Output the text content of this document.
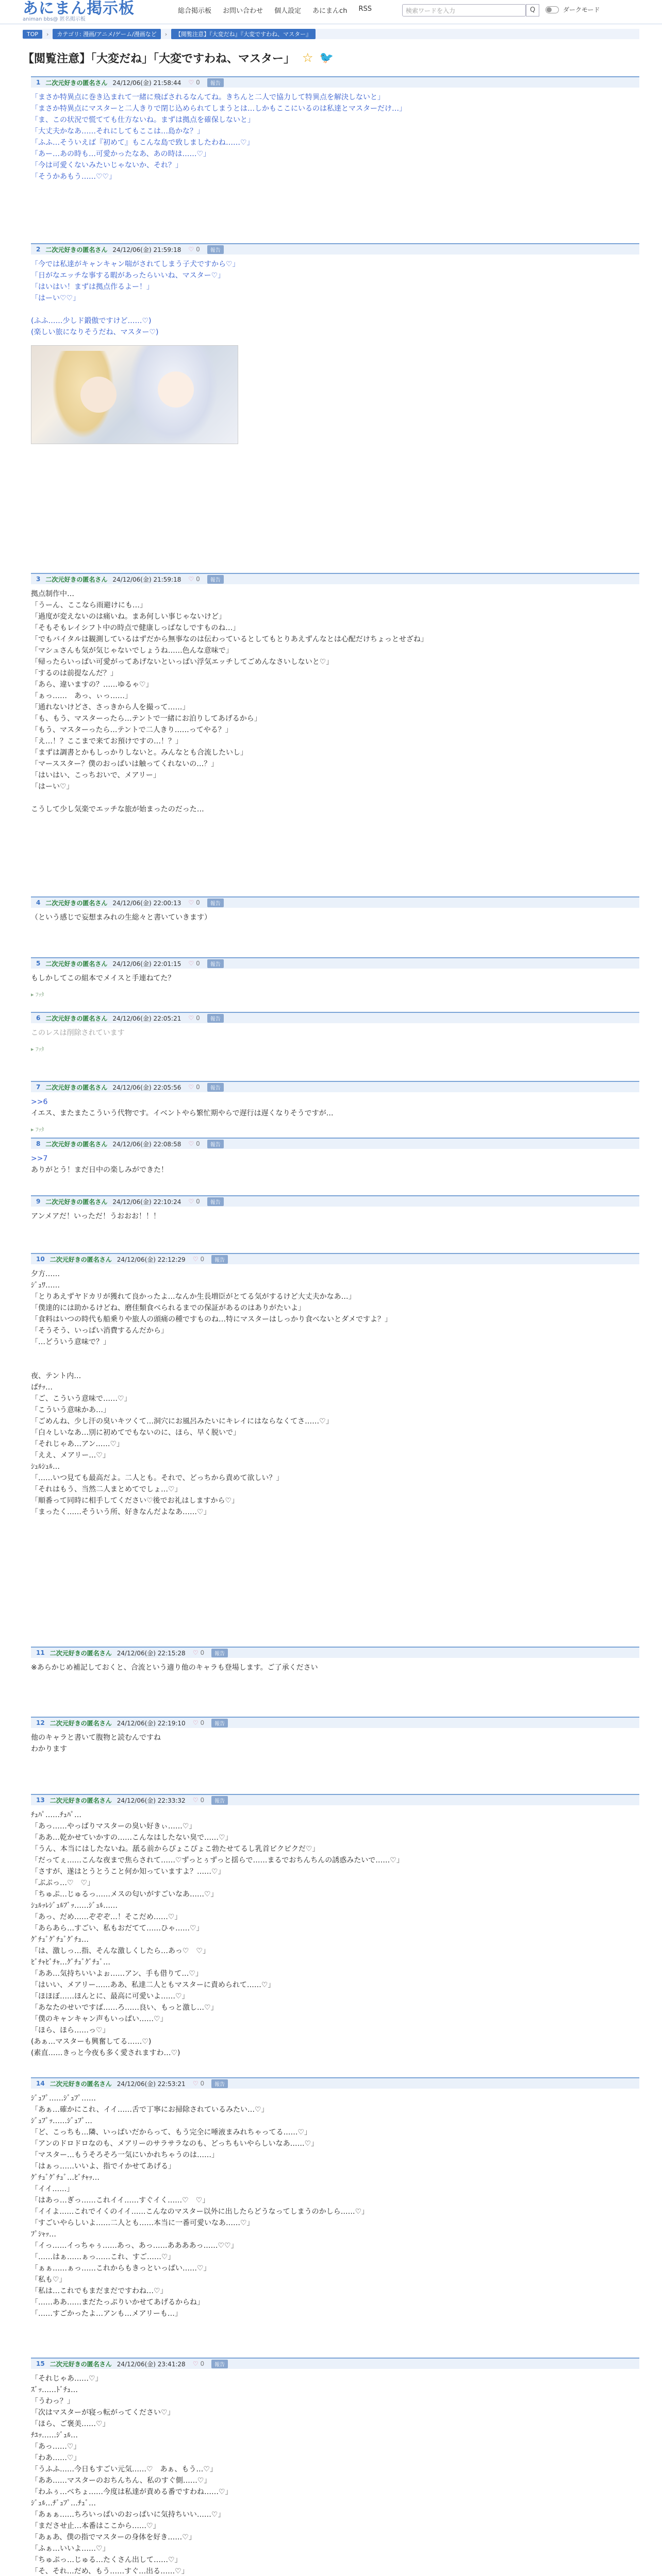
あにまん掲示板
animan bbs@ 匿名掲示板
総合掲示板 お問い合わせ 個人設定 あにまんch RSS	検索ワードを入力	Q	ダークモード
TOP	›	カテゴリ: 漫画/アニメ/ゲーム/漫画など	›	【閲覧注意】『大変だね』『大変ですわね、マスター』
【閲覧注意】「大変だね」「大変ですわね、マスター」 ☆ 🐦
1 二次元好きの匿名さん 24/12/06(金) 21:58:44 ♡ 0	報告
「まさか特異点に巻き込まれて一緒に飛ばされるなんてね。きちんと二人で協力して特異点を解決しないと」
「まさか特異点にマスターと二人きりで閉じ込められてしまうとは…しかもここにいるのは私達とマスターだけ…」
「ま、この状況で慌てても仕方ないね。まずは拠点を確保しないと」
「大丈夫かなあ……それにしてもここは…島かな？」
「ふふ…そういえば『初めて』もこんな島で致しましたわね……♡」
「あー…あの時も…可愛かったなあ、あの時は……♡」
「今は可愛くないみたいじゃないか、それ？」
「そうかあもう……♡♡」
2 二次元好きの匿名さん 24/12/06(金) 21:59:18 ♡ 0	報告
「今では私達がキャンキャン喘がされてしまう子犬ですから♡」
「日がなエッチな事する暇があったらいいね、マスター♡」
「はいはい！まずは拠点作るよー！」
「はーい♡♡」

(ふふ……少しド鍛傲ですけど……♡)
(楽しい旅になりそうだね、マスター♡)
3 二次元好きの匿名さん 24/12/06(金) 21:59:18 ♡ 0	報告
拠点制作中…
「うーん、ここなら雨避けにも…」
「過度が変えないのは痛いね。まあ何しい事じゃないけど」
「そもそもレイシフト中の時点で健康しっぱなしですものね…」
「でもバイタルは観測しているはずだから無事なのは伝わっているとしてもとりあえずんなとは心配だけちょっとせざね」
「マシュさんも気が気じゃないでしょうね……色んな意味で」
「帰ったらいっぱい可愛がってあげないといっぱい浮気エッチしてごめんなさいしないと♡」
「するのは前提なんだ？」
「あら、違いますの？……ゆるゃ♡」
「ぁっ……　あっ、ぃっ……」
「通れないけどさ、さっきから人を撮って……」
「も、もう、マスターったら…テントで一緒にお泊りしてあげるから」
「もう、マスターったら…テントで二人きり……ってやる？」
「え…！？ここまで来てお預けですの…！？」
「まずは調書とかもしっかりしないと。みんなとも合流したいし」
「マーススター？僕のおっぱいは触ってくれないの…？」
「はいはい、こっちおいで、メアリー」
「はーい♡」

こうして少し気楽でエッチな旅が始まったのだった…
4 二次元好きの匿名さん 24/12/06(金) 22:00:13 ♡ 0	報告
（という感じで妄想まみれの生総々と書いていきます）
5 二次元好きの匿名さん 24/12/06(金) 22:01:15 ♡ 0	報告
もしかしてこの組本でメイスと手連ねてた？
▸ ﾌｯﾀ
6 二次元好きの匿名さん 24/12/06(金) 22:05:21 ♡ 0	報告
このレスは削除されています
▸ ﾌｯﾀ
7 二次元好きの匿名さん 24/12/06(金) 22:05:56 ♡ 0	報告
>>6
イエス、またまたこういう代物です。イベントやら繁忙期やらで遅行は遅くなりそうですが…
▸ ﾌｯﾀ
8 二次元好きの匿名さん 24/12/06(金) 22:08:58 ♡ 0	報告
>>7
ありがとう！まだ日中の楽しみができた！
9 二次元好きの匿名さん 24/12/06(金) 22:10:24 ♡ 0	報告
アンメアだ！いっただ！うおおお！！！
10 二次元好きの匿名さん 24/12/06(金) 22:12:29 ♡ 0	報告
夕方……
ｼﾞｭﾜ……
「とりあえずヤドカリが獲れて良かったよ…なんか生長増臣がとてる気がするけど大丈夫かなあ…」
「僕達的には助かるけどね、磨佳類食べられるまでの保証があるのはありがたいよ」
「食料はいつの時代も船乗りや旅人の頭痛の種ですものね…特にマスターはしっかり食べないとダメですよ？」
「そうそう、いっぱい消費するんだから」
「…どういう意味で？」

夜、テント内…
ぱﾁｯ…
「ご、こういう意味で……♡」
「こういう意味かあ…」
「ごめんね、少し汗の臭いキツくて…洞穴にお風呂みたいにキレイにはならなくてさ……♡」
「白々しいなあ…別に初めてでもないのに、ほら、早く脱いで」
「それじゃあ…アン……♡」
「ええ、メアリー…♡」
ｼｭﾙｼｭﾙ…
「……いつ見ても最高だよ。二人とも。それで、どっちから責めて欲しい？」
「それはもう、当然二人まとめてでしょ…♡」
「順番って同時に相手してください♡後でお礼はしますから♡」
「まったく……そういう所、好きなんだよなあ……♡」
11 二次元好きの匿名さん 24/12/06(金) 22:15:28 ♡ 0	報告
※あらかじめ補記しておくと、合流という適り他のキャラも登場します。ご了承ください
12 二次元好きの匿名さん 24/12/06(金) 22:19:10 ♡ 0	報告
他のキャラと書いて腹物と読むんですね
わかります
13 二次元好きの匿名さん 24/12/06(金) 22:33:32 ♡ 0	報告
ﾁｭﾊﾟ……ﾁｭﾊﾟ…
「あっ……やっぱりマスターの臭い好きぃ……♡」
「ああ…乾かせていかすの……こんなはしたない臭で……♡」
「うん、本当にはしたないね。舐る前からぴょこぴょこ勃たせてるし乳首ピクピクだ♡」
「だってぇ……こんな夜まで焦らされて……♡ずっとぅずっと揺らで……まるでおちんちんの誘惑みたいで……♡」
「さすが、遂はとうとうこと何か知っていますよ？……♡」
「ぶぷっ…♡　♡」
「ちゅぷ…じゅるっ……メスの匂いがすごいなあ……♡」
ｼｭﾙｯﾚｼﾞｭﾙﾌﾞｯ……ｼﾞｭﾙ……
「あっ、だめ……ぞぞぞ…！そこだめ……♡」
「あらあら…すごい、私もおだてて……ひゃ……♡」
ｸﾞﾁｭﾞｸﾞﾁｭﾞｸﾞﾁｭ…
「は、激しっ…指、そんな激しくしたら…あっ♡　♡」
ﾋﾞﾁｬﾋﾞﾁｬ…ｸﾞﾁｭﾞｸﾞﾁｭﾞ…
「ああ…気持ちいいよぉ……アン、手も借りて…♡」
「はいい、メアリー……ああ、私達二人ともマスターに責められて……♡」
「ほほぼ……ほんとに、最高に可愛いよ……♡」
「あなたのせいですぱ……ろ……良い、もっと激し…♡」
「僕のキャンキャン声もいっぱい……♡」
「ほら、ほら……っ♡」
(あぁ…マスターも興奮してる……♡)
(素直……きっと今夜も多く愛されますわ…♡)
14 二次元好きの匿名さん 24/12/06(金) 22:53:21 ♡ 0	報告
ｼﾞｭﾌﾟ……ｼﾞｭﾌﾟ……
「あぁ…確かにこれ、イイ……舌で丁寧にお掃除されているみたい…♡」
ｼﾞｭﾌﾟｯ……ｼﾞｭﾌﾟ…
「ど、こっちも…隣、いっぱいだからって、もう完全に唾液まみれちゃってる……♡」
「アンのドロドロなのも、メアリーのサラサラなのも、どっちもいやらしいなあ……♡」
「マスター…もうそろそろ一気にいかれちゃうのは……」
「はぁっ……いいよ、指でイかせてあげる」
ｸﾞﾁｭﾞｸﾞﾁｭﾞ…ﾋﾞﾁｬｯ…
「イイ……」
「はあっ…ぎっ……これイイ……すぐイく……♡　♡」
「イイよ……これでイくのイイ……こんなのマスター以外に出したらどうなってしまうのかしら……♡」
「すごいやらしいよ……二人とも……本当に一番可愛いなあ……♡」
ﾌﾟｼｬｯ…
「イっ……イっちゃぅ……あっ、あっ……ああああっ……♡♡」
「……はぁ……ぁっ……これ、すご……♡」
「ぁぁ……ぁっ……これからもきっといっぱい……♡」
「私も♡」
「私は…これでもまだまだですわね…♡」
「……ああ……まだたっぷりいかせてあげるからね」
「……すごかったよ…アンも…メアリーも…」
15 二次元好きの匿名さん 24/12/06(金) 23:41:28 ♡ 0	報告
「それじゃあ……♡」
ｽﾞｯ……ﾄﾞﾁｭ…
「うわっ？」
「次はマスターが寝っ転がってください♡」
「ほら、ご褒美……♡」
ﾁﾕｯ……ｼﾞｭﾙ…
「あっ……♡」
「わあ……♡」
「うふふ……今日もすごい元気……♡　あぁ、もう…♡」
「ああ……マスターのおちんちん、私のすぐ側……♡」
「わふぅ…べちょ……今度は私達が責める番ですわね……♡」
ｼﾞｭﾙ…ﾁﾞｭﾌﾟ…ﾁｭﾞ…
「あぁぁ……ちろいっぱいのおっぱいに気持ちいい……♡」
「まださせ止…本番はここから……♡」
「あぁあ、僕の指でマスターの身体を好き……♡」
「ふぁ…いいよ……♡」
「ちゅぷっ…じゅる…たくさん出して……♡」
「そ、それ…だめ、もう……すぐ…出る……♡」
